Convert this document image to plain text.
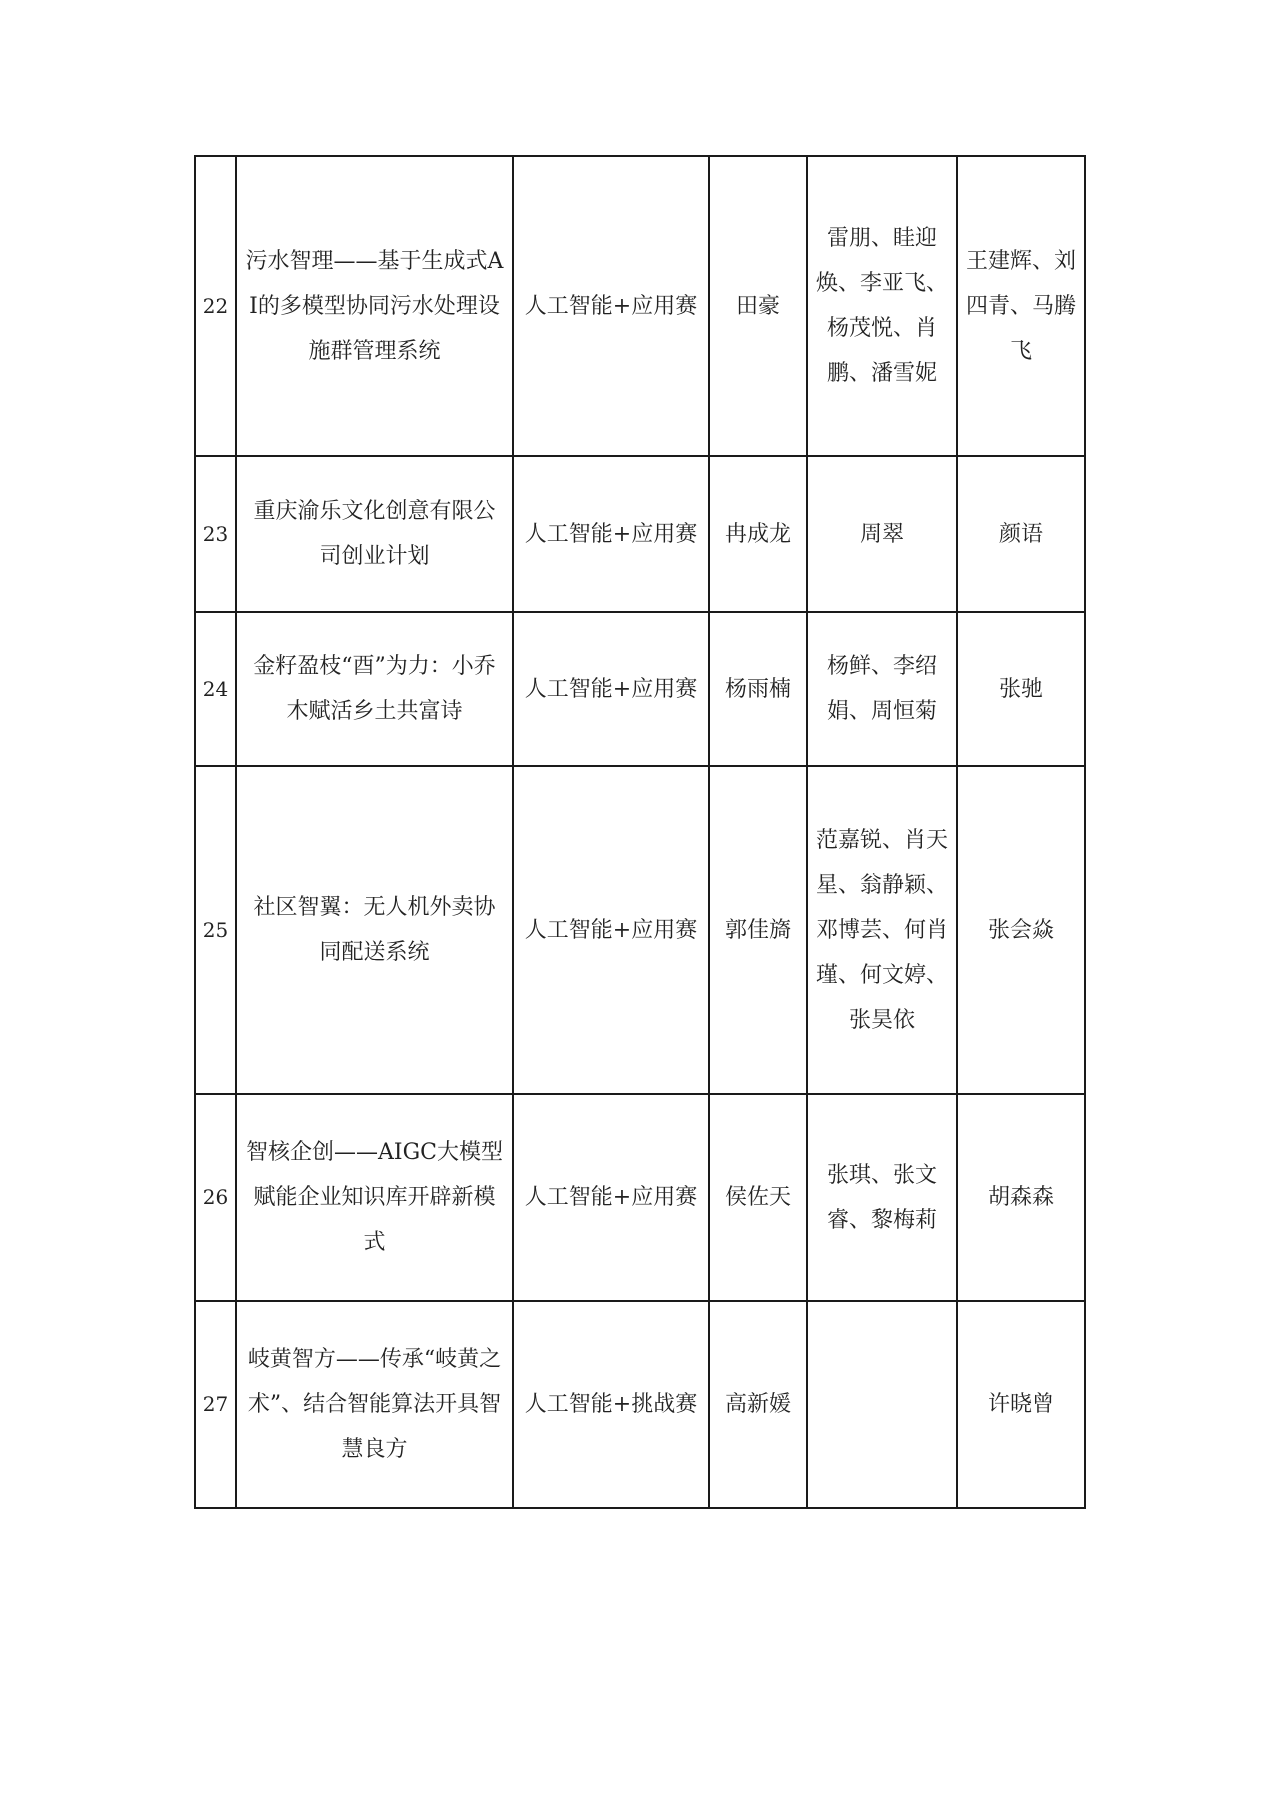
22	污水智理——基于生成式AI的多模型协同污水处理设施群管理系统	人工智能+应用赛	田豪	雷朋、眭迎焕、李亚飞、杨茂悦、肖鹏、潘雪妮	王建辉、刘四青、马腾飞

23	重庆渝乐文化创意有限公司创业计划	人工智能+应用赛	冉成龙	周翠	颜语

24	金籽盈枝“酉”为力：小乔木赋活乡土共富诗	人工智能+应用赛	杨雨楠	杨鲜、李绍娟、周恒菊	张驰

25	社区智翼：无人机外卖协同配送系统	人工智能+应用赛	郭佳旖	范嘉锐、肖天星、翁静颖、邓博芸、何肖瑾、何文婷、张昊依	张会焱

26	智核企创——AIGC大模型赋能企业知识库开辟新模式	人工智能+应用赛	侯佐天	张琪、张文睿、黎梅莉	胡森森

27	岐黄智方——传承“岐黄之术”、结合智能算法开具智慧良方	人工智能+挑战赛	高新媛		许晓曾
